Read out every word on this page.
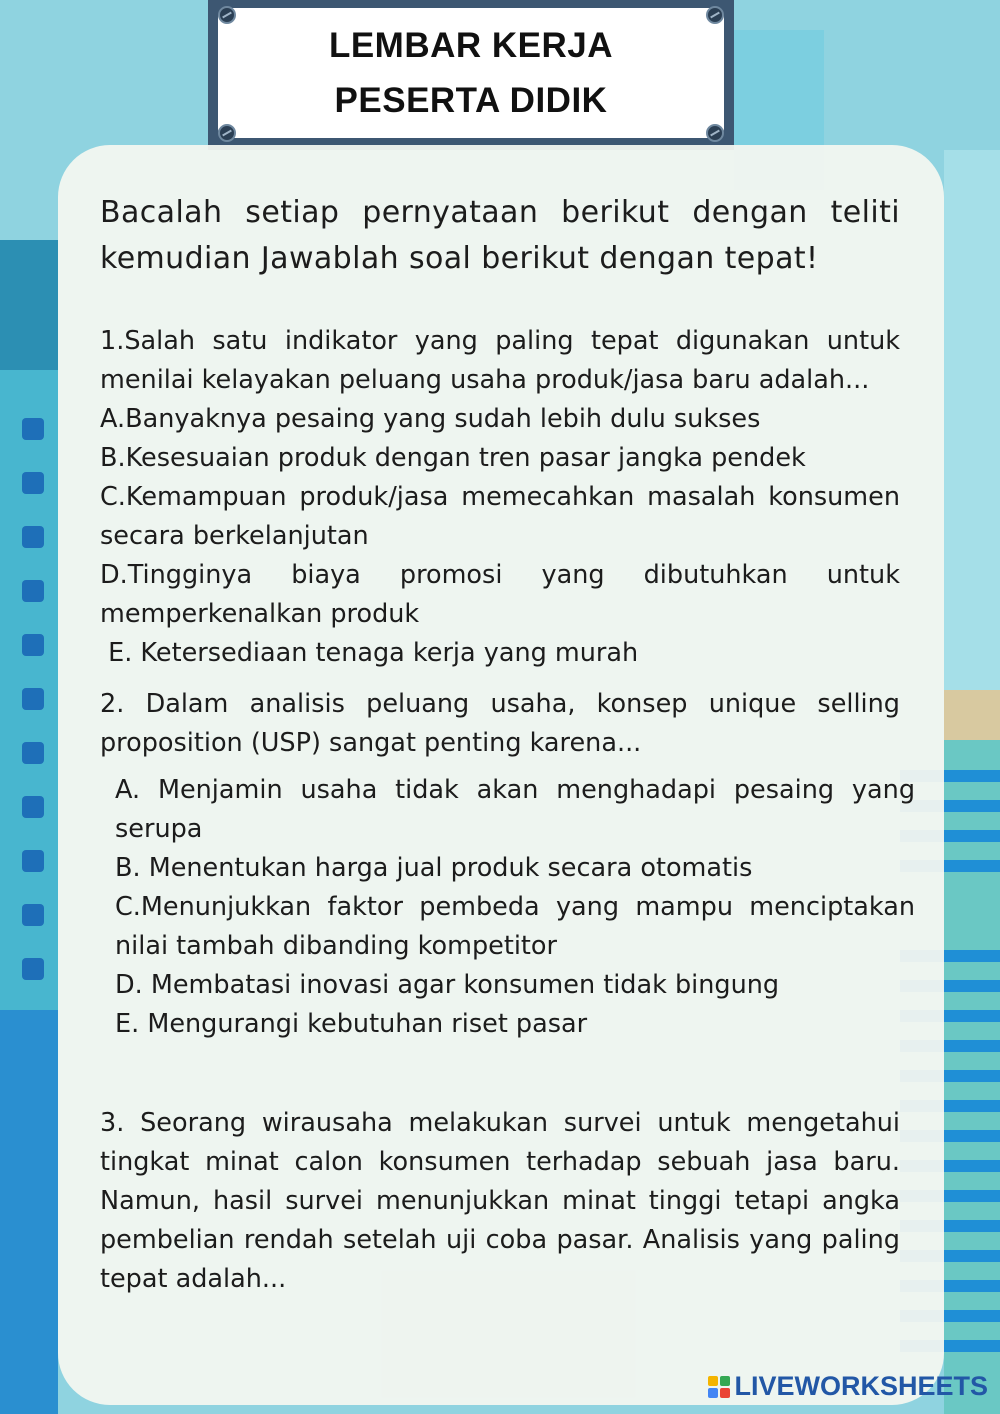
LEMBAR KERJA
PESERTA DIDIK

Bacalah setiap pernyataan berikut dengan teliti kemudian Jawablah soal berikut dengan tepat!

1.Salah satu indikator yang paling tepat digunakan untuk menilai kelayakan peluang usaha produk/jasa baru adalah...

A.Banyaknya pesaing yang sudah lebih dulu sukses

B.Kesesuaian produk dengan tren pasar jangka pendek

C.Kemampuan produk/jasa memecahkan masalah konsumen secara berkelanjutan

D.Tingginya biaya promosi yang dibutuhkan untuk memperkenalkan produk

E. Ketersediaan tenaga kerja yang murah

2. Dalam analisis peluang usaha, konsep unique selling proposition (USP) sangat penting karena...

A. Menjamin usaha tidak akan menghadapi pesaing yang serupa

B. Menentukan harga jual produk secara otomatis

C.Menunjukkan faktor pembeda yang mampu menciptakan nilai tambah dibanding kompetitor

D. Membatasi inovasi agar konsumen tidak bingung

E. Mengurangi kebutuhan riset pasar

3. Seorang wirausaha melakukan survei untuk mengetahui tingkat minat calon konsumen terhadap sebuah jasa baru. Namun, hasil survei menunjukkan minat tinggi tetapi angka pembelian rendah setelah uji coba pasar. Analisis yang paling tepat adalah...

LIVEWORKSHEETS
